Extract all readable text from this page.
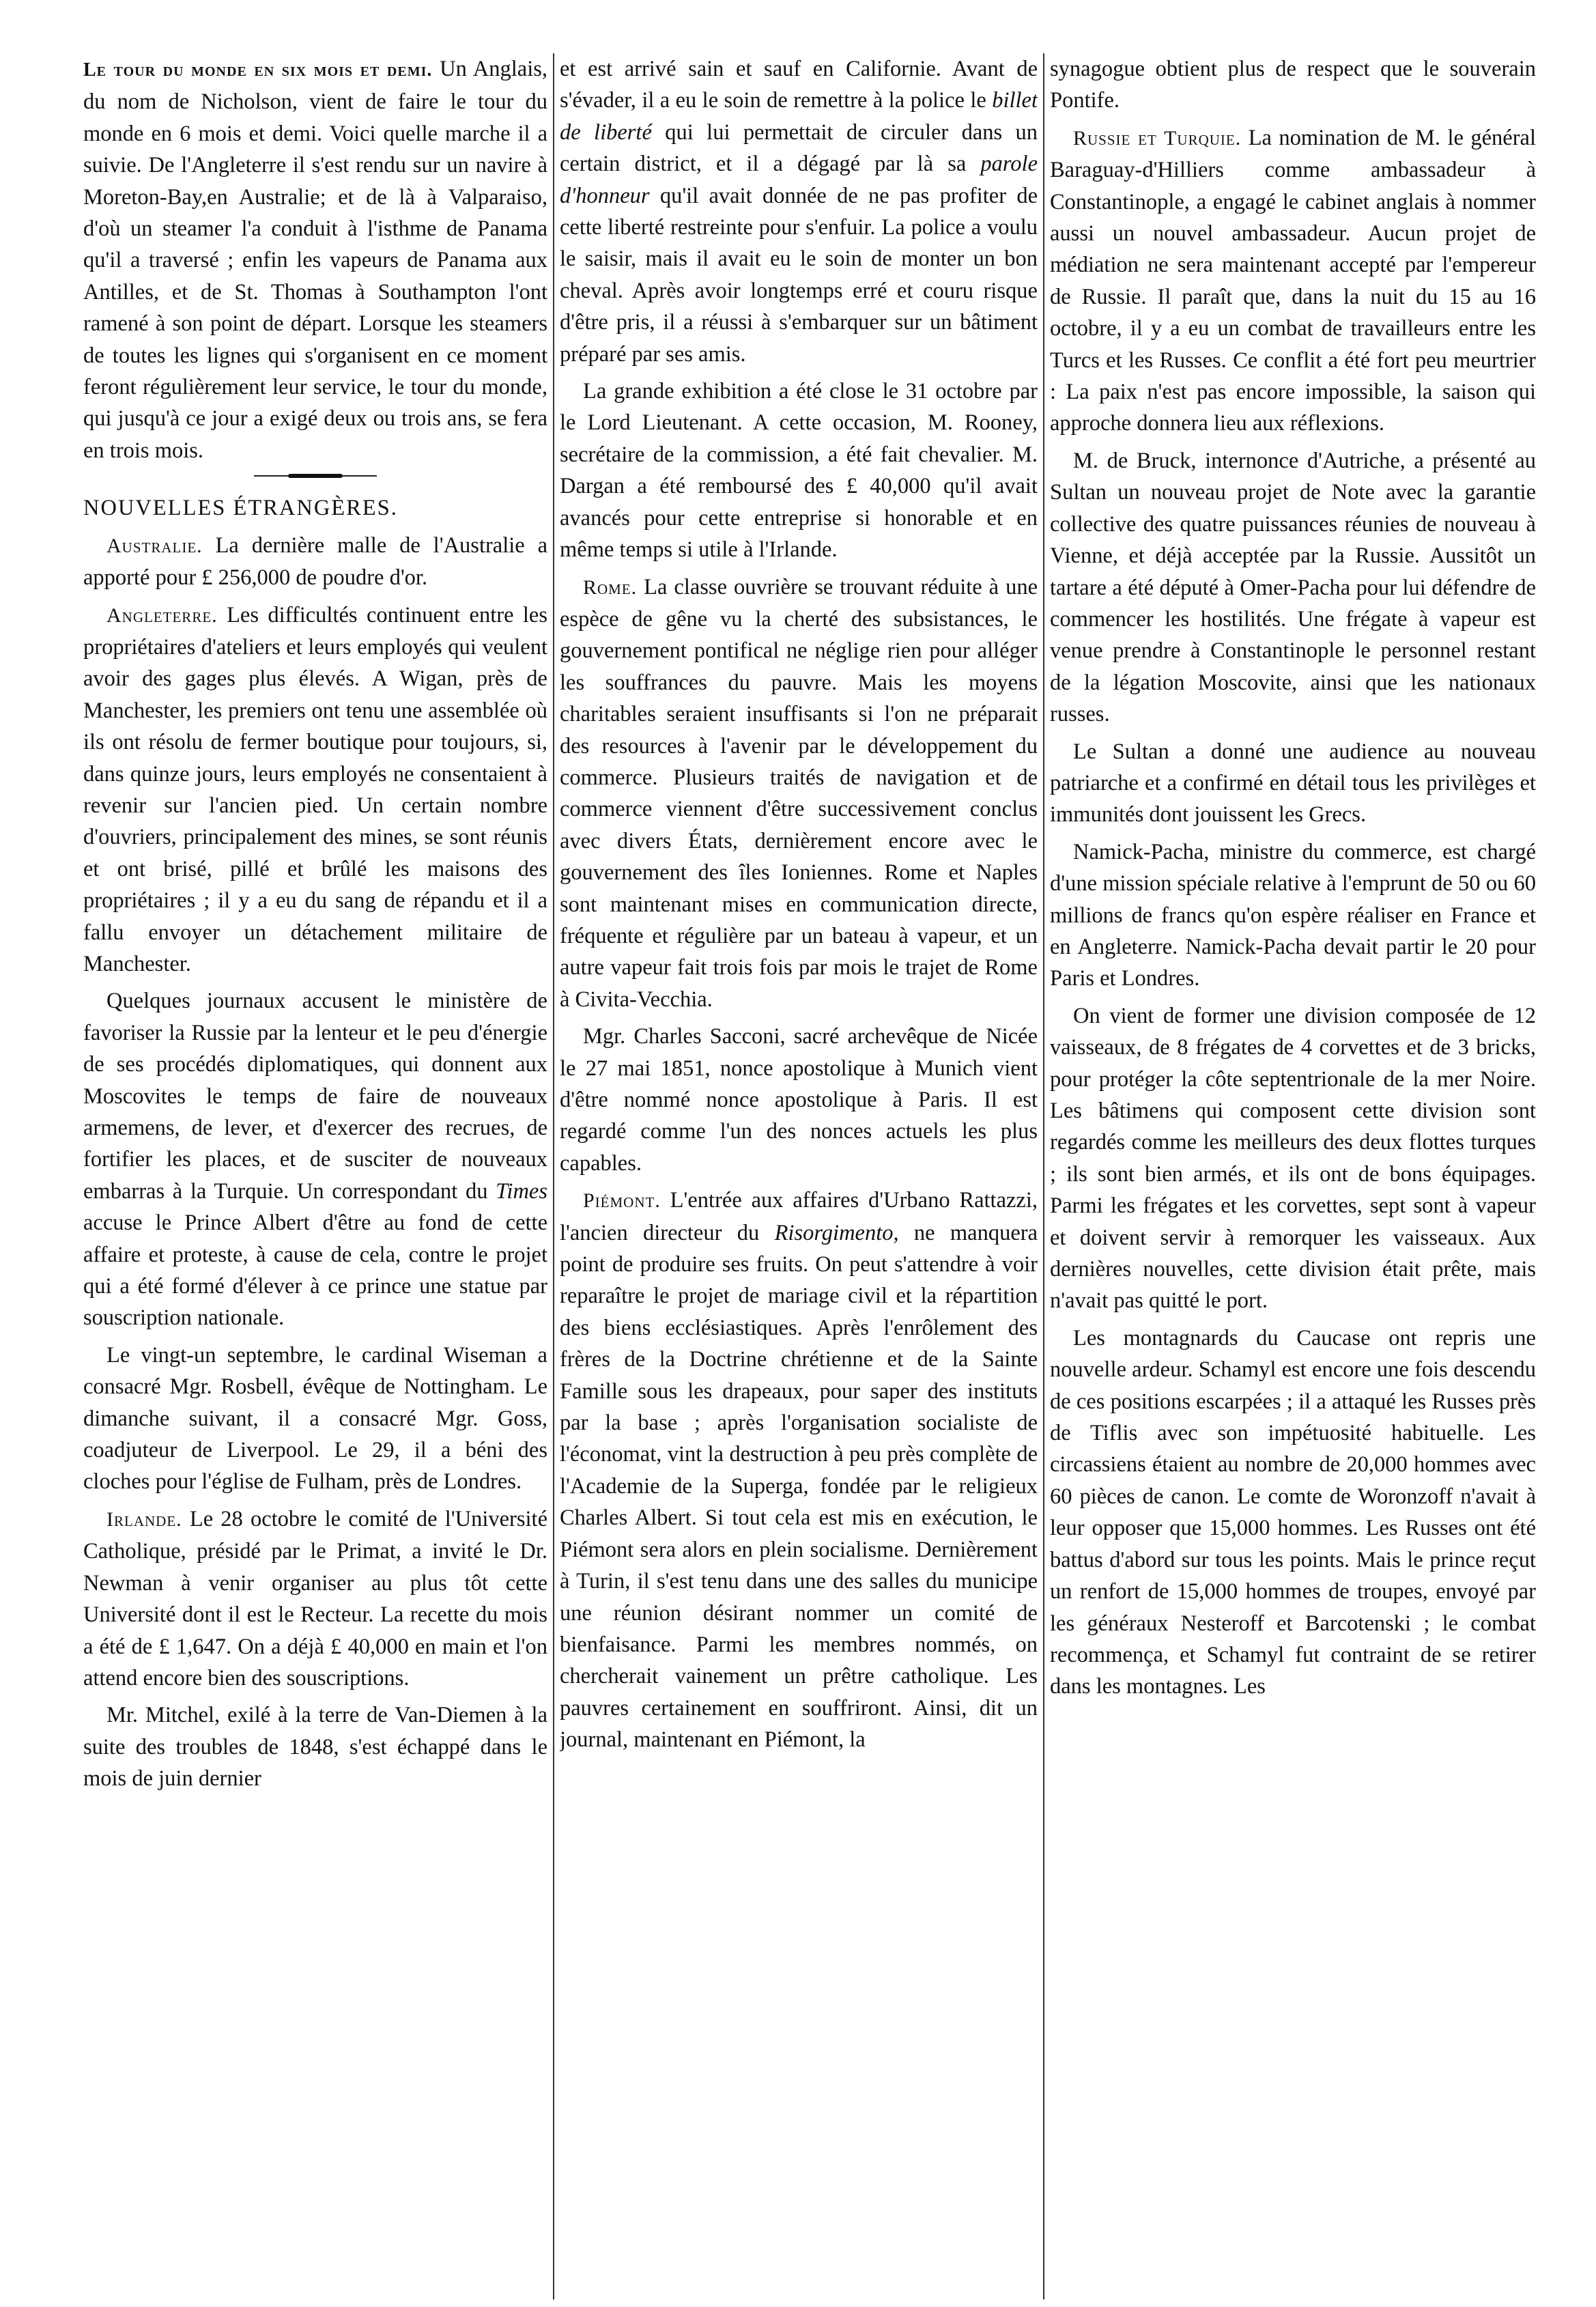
Le tour du monde en six mois et demi. Un Anglais, du nom de Nicholson, vient de faire le tour du monde en 6 mois et demi. Voici quelle marche il a suivie. De l'Angleterre il s'est rendu sur un navire à Moreton-Bay,en Australie; et de là à Valparaiso, d'où un steamer l'a conduit à l'isthme de Panama qu'il a traversé ; enfin les vapeurs de Panama aux Antilles, et de St. Thomas à Southampton l'ont ramené à son point de départ. Lorsque les steamers de toutes les lignes qui s'organisent en ce moment feront régulièrement leur service, le tour du monde, qui jusqu'à ce jour a exigé deux ou trois ans, se fera en trois mois.

NOUVELLES ÉTRANGÈRES.

Australie. La dernière malle de l'Australie a apporté pour £ 256,000 de poudre d'or.

Angleterre. Les difficultés continuent entre les propriétaires d'ateliers et leurs employés qui veulent avoir des gages plus élevés. A Wigan, près de Manchester, les premiers ont tenu une assemblée où ils ont résolu de fermer boutique pour toujours, si, dans quinze jours, leurs employés ne consentaient à revenir sur l'ancien pied. Un certain nombre d'ouvriers, principalement des mines, se sont réunis et ont brisé, pillé et brûlé les maisons des propriétaires ; il y a eu du sang de répandu et il a fallu envoyer un détachement militaire de Manchester.

Quelques journaux accusent le ministère de favoriser la Russie par la lenteur et le peu d'énergie de ses procédés diplomatiques, qui donnent aux Moscovites le temps de faire de nouveaux armemens, de lever, et d'exercer des recrues, de fortifier les places, et de susciter de nouveaux embarras à la Turquie. Un correspondant du Times accuse le Prince Albert d'être au fond de cette affaire et proteste, à cause de cela, contre le projet qui a été formé d'élever à ce prince une statue par souscription nationale.

Le vingt-un septembre, le cardinal Wiseman a consacré Mgr. Rosbell, évêque de Nottingham. Le dimanche suivant, il a consacré Mgr. Goss, coadjuteur de Liverpool. Le 29, il a béni des cloches pour l'église de Fulham, près de Londres.

Irlande. Le 28 octobre le comité de l'Université Catholique, présidé par le Primat, a invité le Dr. Newman à venir organiser au plus tôt cette Université dont il est le Recteur. La recette du mois a été de £ 1,647. On a déjà £ 40,000 en main et l'on attend encore bien des souscriptions.

Mr. Mitchel, exilé à la terre de Van-Diemen à la suite des troubles de 1848, s'est échappé dans le mois de juin dernier

et est arrivé sain et sauf en Californie. Avant de s'évader, il a eu le soin de remettre à la police le billet de liberté qui lui permettait de circuler dans un certain district, et il a dégagé par là sa parole d'honneur qu'il avait donnée de ne pas profiter de cette liberté restreinte pour s'enfuir. La police a voulu le saisir, mais il avait eu le soin de monter un bon cheval. Après avoir longtemps erré et couru risque d'être pris, il a réussi à s'embarquer sur un bâtiment préparé par ses amis.

La grande exhibition a été close le 31 octobre par le Lord Lieutenant. A cette occasion, M. Rooney, secrétaire de la commission, a été fait chevalier. M. Dargan a été remboursé des £ 40,000 qu'il avait avancés pour cette entreprise si honorable et en même temps si utile à l'Irlande.

Rome. La classe ouvrière se trouvant réduite à une espèce de gêne vu la cherté des subsistances, le gouvernement pontifical ne néglige rien pour alléger les souffrances du pauvre. Mais les moyens charitables seraient insuffisants si l'on ne préparait des resources à l'avenir par le développement du commerce. Plusieurs traités de navigation et de commerce viennent d'être successivement conclus avec divers États, dernièrement encore avec le gouvernement des îles Ioniennes. Rome et Naples sont maintenant mises en communication directe, fréquente et régulière par un bateau à vapeur, et un autre vapeur fait trois fois par mois le trajet de Rome à Civita-Vecchia.

Mgr. Charles Sacconi, sacré archevêque de Nicée le 27 mai 1851, nonce apostolique à Munich vient d'être nommé nonce apostolique à Paris. Il est regardé comme l'un des nonces actuels les plus capables.

Piémont. L'entrée aux affaires d'Urbano Rattazzi, l'ancien directeur du Risorgimento, ne manquera point de produire ses fruits. On peut s'attendre à voir reparaître le projet de mariage civil et la répartition des biens ecclésiastiques. Après l'enrôlement des frères de la Doctrine chrétienne et de la Sainte Famille sous les drapeaux, pour saper des instituts par la base ; après l'organisation socialiste de l'économat, vint la destruction à peu près complète de l'Academie de la Superga, fondée par le religieux Charles Albert. Si tout cela est mis en exécution, le Piémont sera alors en plein socialisme. Dernièrement à Turin, il s'est tenu dans une des salles du municipe une réunion désirant nommer un comité de bienfaisance. Parmi les membres nommés, on chercherait vainement un prêtre catholique. Les pauvres certainement en souffriront. Ainsi, dit un journal, maintenant en Piémont, la

synagogue obtient plus de respect que le souverain Pontife.

Russie et Turquie. La nomination de M. le général Baraguay-d'Hilliers comme ambassadeur à Constantinople, a engagé le cabinet anglais à nommer aussi un nouvel ambassadeur. Aucun projet de médiation ne sera maintenant accepté par l'empereur de Russie. Il paraît que, dans la nuit du 15 au 16 octobre, il y a eu un combat de travailleurs entre les Turcs et les Russes. Ce conflit a été fort peu meurtrier : La paix n'est pas encore impossible, la saison qui approche donnera lieu aux réflexions.

M. de Bruck, internonce d'Autriche, a présenté au Sultan un nouveau projet de Note avec la garantie collective des quatre puissances réunies de nouveau à Vienne, et déjà acceptée par la Russie. Aussitôt un tartare a été député à Omer-Pacha pour lui défendre de commencer les hostilités. Une frégate à vapeur est venue prendre à Constantinople le personnel restant de la légation Moscovite, ainsi que les nationaux russes.

Le Sultan a donné une audience au nouveau patriarche et a confirmé en détail tous les privilèges et immunités dont jouissent les Grecs.

Namick-Pacha, ministre du commerce, est chargé d'une mission spéciale relative à l'emprunt de 50 ou 60 millions de francs qu'on espère réaliser en France et en Angleterre. Namick-Pacha devait partir le 20 pour Paris et Londres.

On vient de former une division composée de 12 vaisseaux, de 8 frégates de 4 corvettes et de 3 bricks, pour protéger la côte septentrionale de la mer Noire. Les bâtimens qui composent cette division sont regardés comme les meilleurs des deux flottes turques ; ils sont bien armés, et ils ont de bons équipages. Parmi les frégates et les corvettes, sept sont à vapeur et doivent servir à remorquer les vaisseaux. Aux dernières nouvelles, cette division était prête, mais n'avait pas quitté le port.

Les montagnards du Caucase ont repris une nouvelle ardeur. Schamyl est encore une fois descendu de ces positions escarpées ; il a attaqué les Russes près de Tiflis avec son impétuosité habituelle. Les circassiens étaient au nombre de 20,000 hommes avec 60 pièces de canon. Le comte de Woronzoff n'avait à leur opposer que 15,000 hommes. Les Russes ont été battus d'abord sur tous les points. Mais le prince reçut un renfort de 15,000 hommes de troupes, envoyé par les généraux Nesteroff et Barcotenski ; le combat recommença, et Schamyl fut contraint de se retirer dans les montagnes. Les
